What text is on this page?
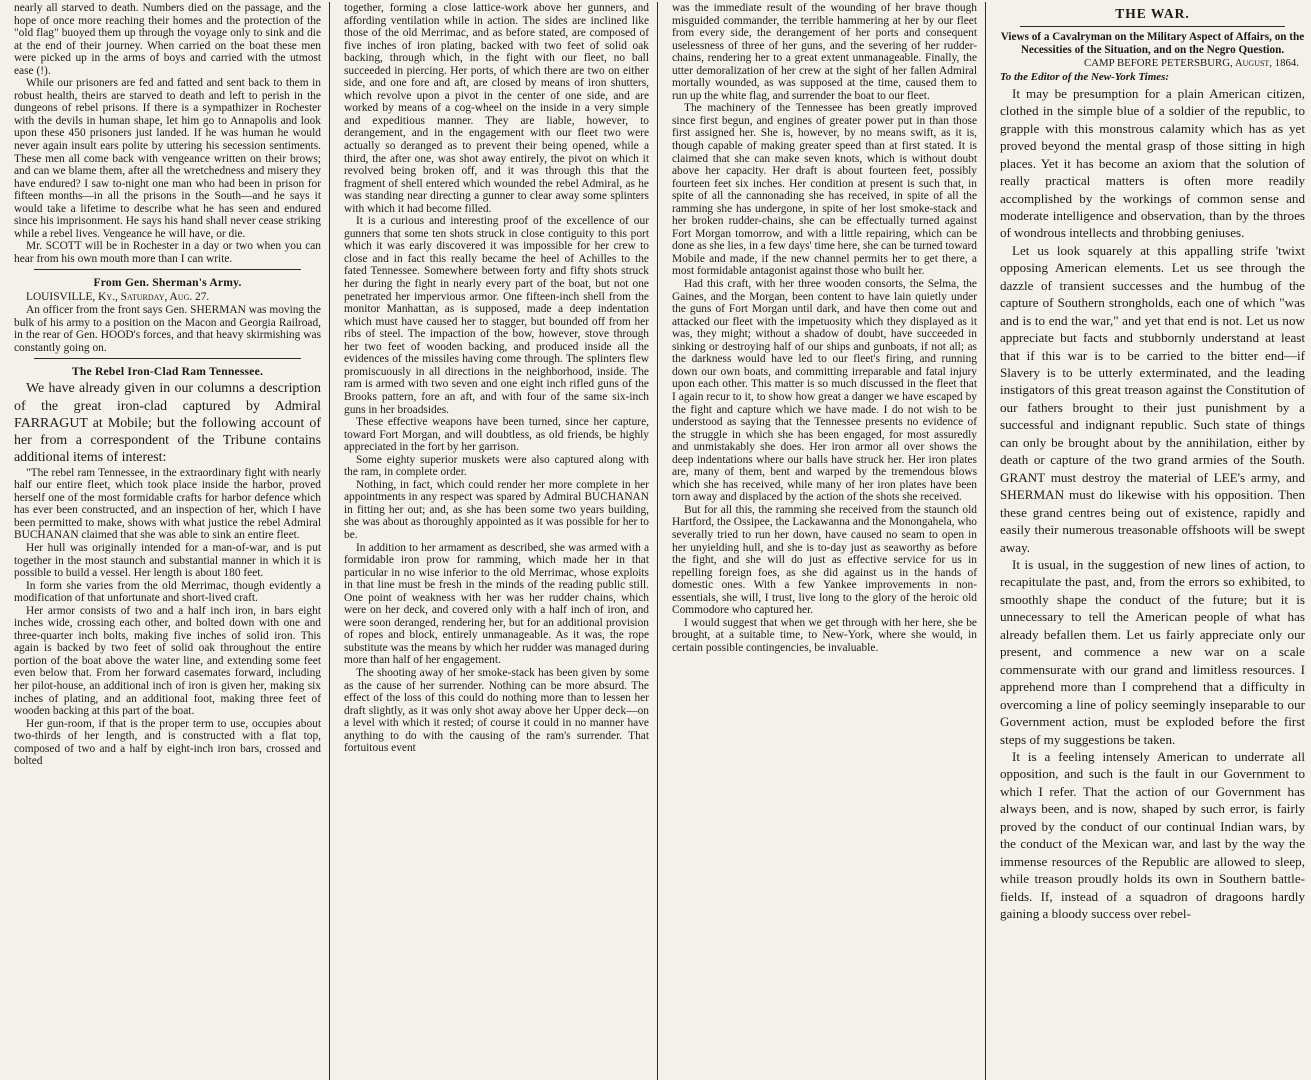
nearly all starved to death. Numbers died on the passage, and the hope of once more reaching their homes and the protection of the "old flag" buoyed them up through the voyage only to sink and die at the end of their journey. When carried on the boat these men were picked up in the arms of boys and carried with the utmost ease (!).

While our prisoners are fed and fatted and sent back to them in robust health, theirs are starved to death and left to perish in the dungeons of rebel prisons. If there is a sympathizer in Rochester with the devils in human shape, let him go to Annapolis and look upon these 450 prisoners just landed. If he was human he would never again insult ears polite by uttering his secession sentiments. These men all come back with vengeance written on their brows; and can we blame them, after all the wretchedness and misery they have endured? I saw to-night one man who had been in prison for fifteen months—in all the prisons in the South—and he says it would take a lifetime to describe what he has seen and endured since his imprisonment. He says his hand shall never cease striking while a rebel lives. Vengeance he will have, or die.

Mr. SCOTT will be in Rochester in a day or two when you can hear from his own mouth more than I can write.

From Gen. Sherman's Army.

LOUISVILLE, Ky., Saturday, Aug. 27.

An officer from the front says Gen. SHERMAN was moving the bulk of his army to a position on the Macon and Georgia Railroad, in the rear of Gen. HOOD's forces, and that heavy skirmishing was constantly going on.

The Rebel Iron-Clad Ram Tennessee.

We have already given in our columns a description of the great iron-clad captured by Admiral FARRAGUT at Mobile; but the following account of her from a correspondent of the Tribune contains additional items of interest:

"The rebel ram Tennessee, in the extraordinary fight with nearly half our entire fleet, which took place inside the harbor, proved herself one of the most formidable crafts for harbor defence which has ever been constructed, and an inspection of her, which I have been permitted to make, shows with what justice the rebel Admiral BUCHANAN claimed that she was able to sink an entire fleet.

Her hull was originally intended for a man-of-war, and is put together in the most staunch and substantial manner in which it is possible to build a vessel. Her length is about 180 feet.

In form she varies from the old Merrimac, though evidently a modification of that unfortunate and short-lived craft.

Her armor consists of two and a half inch iron, in bars eight inches wide, crossing each other, and bolted down with one and three-quarter inch bolts, making five inches of solid iron. This again is backed by two feet of solid oak throughout the entire portion of the boat above the water line, and extending some feet even below that. From her forward casemates forward, including her pilot-house, an additional inch of iron is given her, making six inches of plating, and an additional foot, making three feet of wooden backing at this part of the boat.

Her gun-room, if that is the proper term to use, occupies about two-thirds of her length, and is constructed with a flat top, composed of two and a half by eight-inch iron bars, crossed and bolted

together, forming a close lattice-work above her gunners, and affording ventilation while in action. The sides are inclined like those of the old Merrimac, and as before stated, are composed of five inches of iron plating, backed with two feet of solid oak backing, through which, in the fight with our fleet, no ball succeeded in piercing. Her ports, of which there are two on either side, and one fore and aft, are closed by means of iron shutters, which revolve upon a pivot in the center of one side, and are worked by means of a cog-wheel on the inside in a very simple and expeditious manner. They are liable, however, to derangement, and in the engagement with our fleet two were actually so deranged as to prevent their being opened, while a third, the after one, was shot away entirely, the pivot on which it revolved being broken off, and it was through this that the fragment of shell entered which wounded the rebel Admiral, as he was standing near directing a gunner to clear away some splinters with which it had become filled.

It is a curious and interesting proof of the excellence of our gunners that some ten shots struck in close contiguity to this port which it was early discovered it was impossible for her crew to close and in fact this really became the heel of Achilles to the fated Tennessee. Somewhere between forty and fifty shots struck her during the fight in nearly every part of the boat, but not one penetrated her impervious armor. One fifteen-inch shell from the monitor Manhattan, as is supposed, made a deep indentation which must have caused her to stagger, but bounded off from her ribs of steel. The impaction of the bow, however, stove through her two feet of wooden backing, and produced inside all the evidences of the missiles having come through. The splinters flew promiscuously in all directions in the neighborhood, inside. The ram is armed with two seven and one eight inch rifled guns of the Brooks pattern, fore an aft, and with four of the same six-inch guns in her broadsides.

These effective weapons have been turned, since her capture, toward Fort Morgan, and will doubtless, as old friends, be highly appreciated in the fort by her garrison.

Some eighty superior muskets were also captured along with the ram, in complete order.

Nothing, in fact, which could render her more complete in her appointments in any respect was spared by Admiral BUCHANAN in fitting her out; and, as she has been some two years building, she was about as thoroughly appointed as it was possible for her to be.

In addition to her armament as described, she was armed with a formidable iron prow for ramming, which made her in that particular in no wise inferior to the old Merrimac, whose exploits in that line must be fresh in the minds of the reading public still. One point of weakness with her was her rudder chains, which were on her deck, and covered only with a half inch of iron, and were soon deranged, rendering her, but for an additional provision of ropes and block, entirely unmanageable. As it was, the rope substitute was the means by which her rudder was managed during more than half of her engagement.

The shooting away of her smoke-stack has been given by some as the cause of her surrender. Nothing can be more absurd. The effect of the loss of this could do nothing more than to lessen her draft slightly, as it was only shot away above her Upper deck—on a level with which it rested; of course it could in no manner have anything to do with the causing of the ram's surrender. That fortuitous event

was the immediate result of the wounding of her brave though misguided commander, the terrible hammering at her by our fleet from every side, the derangement of her ports and consequent uselessness of three of her guns, and the severing of her rudder-chains, rendering her to a great extent unmanageable. Finally, the utter demoralization of her crew at the sight of her fallen Admiral mortally wounded, as was supposed at the time, caused them to run up the white flag, and surrender the boat to our fleet.

The machinery of the Tennessee has been greatly improved since first begun, and engines of greater power put in than those first assigned her. She is, however, by no means swift, as it is, though capable of making greater speed than at first stated. It is claimed that she can make seven knots, which is without doubt above her capacity. Her draft is about fourteen feet, possibly fourteen feet six inches. Her condition at present is such that, in spite of all the cannonading she has received, in spite of all the ramming she has undergone, in spite of her lost smoke-stack and her broken rudder-chains, she can be effectually turned against Fort Morgan tomorrow, and with a little repairing, which can be done as she lies, in a few days' time here, she can be turned toward Mobile and made, if the new channel permits her to get there, a most formidable antagonist against those who built her.

Had this craft, with her three wooden consorts, the Selma, the Gaines, and the Morgan, been content to have lain quietly under the guns of Fort Morgan until dark, and have then come out and attacked our fleet with the impetuosity which they displayed as it was, they might; without a shadow of doubt, have succeeded in sinking or destroying half of our ships and gunboats, if not all; as the darkness would have led to our fleet's firing, and running down our own boats, and committing irreparable and fatal injury upon each other. This matter is so much discussed in the fleet that I again recur to it, to show how great a danger we have escaped by the fight and capture which we have made. I do not wish to be understood as saying that the Tennessee presents no evidence of the struggle in which she has been engaged, for most assuredly and unmistakably she does. Her iron armor all over shows the deep indentations where our balls have struck her. Her iron plates are, many of them, bent and warped by the tremendous blows which she has received, while many of her iron plates have been torn away and displaced by the action of the shots she received.

But for all this, the ramming she received from the staunch old Hartford, the Ossipee, the Lackawanna and the Monongahela, who severally tried to run her down, have caused no seam to open in her unyielding hull, and she is to-day just as seaworthy as before the fight, and she will do just as effective service for us in repelling foreign foes, as she did against us in the hands of domestic ones. With a few Yankee improvements in non-essentials, she will, I trust, live long to the glory of the heroic old Commodore who captured her.

I would suggest that when we get through with her here, she be brought, at a suitable time, to New-York, where she would, in certain possible contingencies, be invaluable.

THE WAR.
Views of a Cavalryman on the Military Aspect of Affairs, on the Necessities of the Situation, and on the Negro Question.
CAMP BEFORE PETERSBURG, August, 1864.
To the Editor of the New-York Times:

It may be presumption for a plain American citizen, clothed in the simple blue of a soldier of the republic, to grapple with this monstrous calamity which has as yet proved beyond the mental grasp of those sitting in high places. Yet it has become an axiom that the solution of really practical matters is often more readily accomplished by the workings of common sense and moderate intelligence and observation, than by the throes of wondrous intellects and throbbing geniuses.

Let us look squarely at this appalling strife 'twixt opposing American elements. Let us see through the dazzle of transient successes and the humbug of the capture of Southern strongholds, each one of which "was and is to end the war," and yet that end is not. Let us now appreciate but facts and stubbornly understand at least that if this war is to be carried to the bitter end—if Slavery is to be utterly exterminated, and the leading instigators of this great treason against the Constitution of our fathers brought to their just punishment by a successful and indignant republic. Such state of things can only be brought about by the annihilation, either by death or capture of the two grand armies of the South. GRANT must destroy the material of LEE's army, and SHERMAN must do likewise with his opposition. Then these grand centres being out of existence, rapidly and easily their numerous treasonable offshoots will be swept away.

It is usual, in the suggestion of new lines of action, to recapitulate the past, and, from the errors so exhibited, to smoothly shape the conduct of the future; but it is unnecessary to tell the American people of what has already befallen them. Let us fairly appreciate only our present, and commence a new war on a scale commensurate with our grand and limitless resources. I apprehend more than I comprehend that a difficulty in overcoming a line of policy seemingly inseparable to our Government action, must be exploded before the first steps of my suggestions be taken.

It is a feeling intensely American to underrate all opposition, and such is the fault in our Government to which I refer. That the action of our Government has always been, and is now, shaped by such error, is fairly proved by the conduct of our continual Indian wars, by the conduct of the Mexican war, and last by the way the immense resources of the Republic are allowed to sleep, while treason proudly holds its own in Southern battle-fields. If, instead of a squadron of dragoons hardly gaining a bloody success over rebel-
